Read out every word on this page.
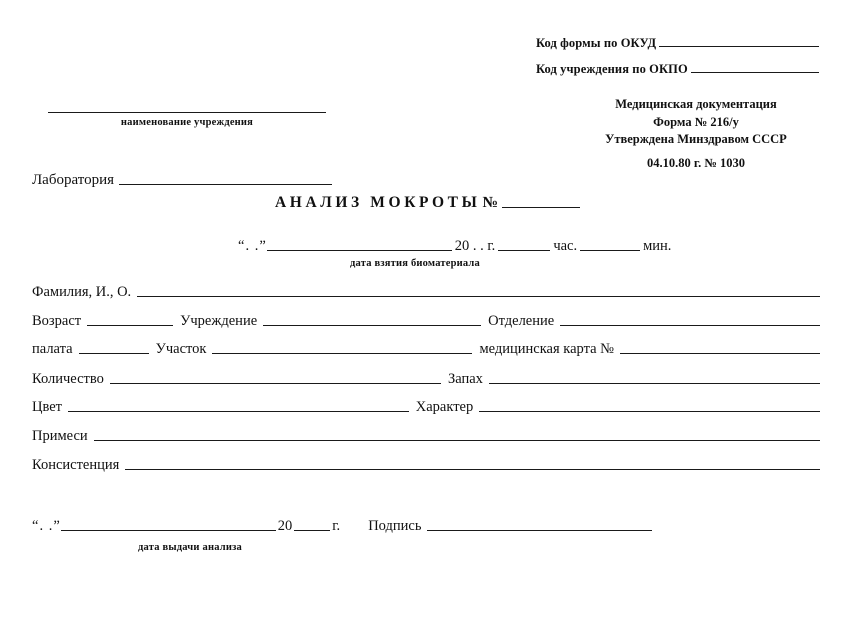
Код формы по ОКУД
Код учреждения по ОКПО
Медицинская документация
Форма № 216/у
Утверждена Минздравом СССР
04.10.80 г. № 1030
наименование учреждения
Лаборатория
АНАЛИЗ МОКРОТЫ №
“ . . ”	20 . . г.	час.	мин.
дата взятия биоматериала
Фамилия, И., О.
Возраст	Учреждение	Отделение
палата	Участок	медицинская карта №
Количество	Запах
Цвет	Характер
Примеси
Консистенция
“ . . ”	20	г. Подпись
дата выдачи анализа
